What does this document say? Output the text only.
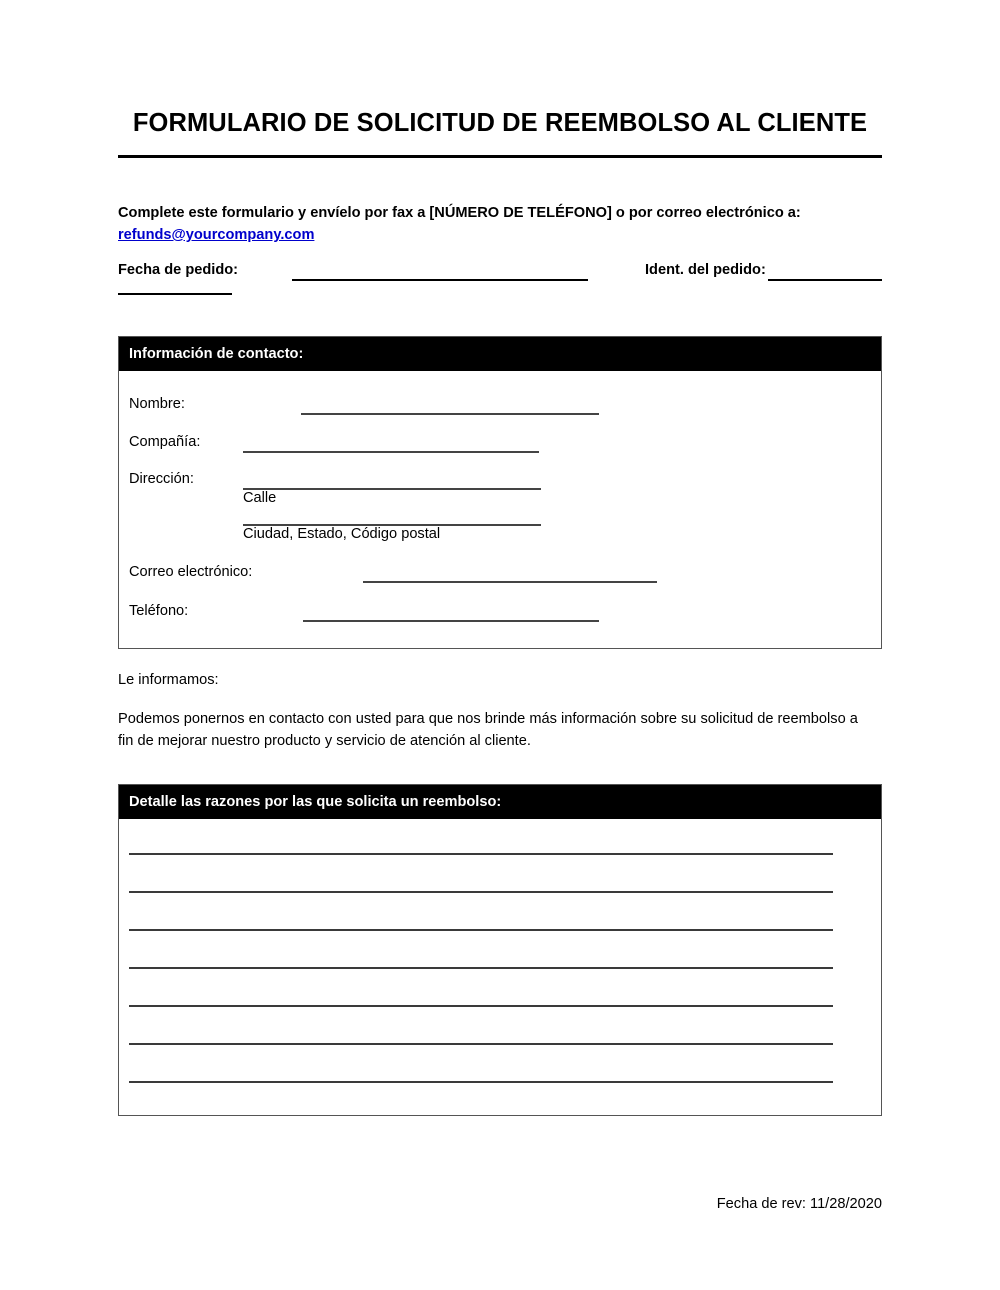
FORMULARIO DE SOLICITUD DE REEMBOLSO AL CLIENTE
Complete este formulario y envíelo por fax a [NÚMERO DE TELÉFONO] o por correo electrónico a: refunds@yourcompany.com
Fecha de pedido:	Ident. del pedido:
Información de contacto:
Nombre:
Compañía:
Dirección:
Calle
Ciudad, Estado, Código postal
Correo electrónico:
Teléfono:
Le informamos:
Podemos ponernos en contacto con usted para que nos brinde más información sobre su solicitud de reembolso a fin de mejorar nuestro producto y servicio de atención al cliente.
Detalle las razones por las que solicita un reembolso:
Fecha de rev: 11/28/2020
